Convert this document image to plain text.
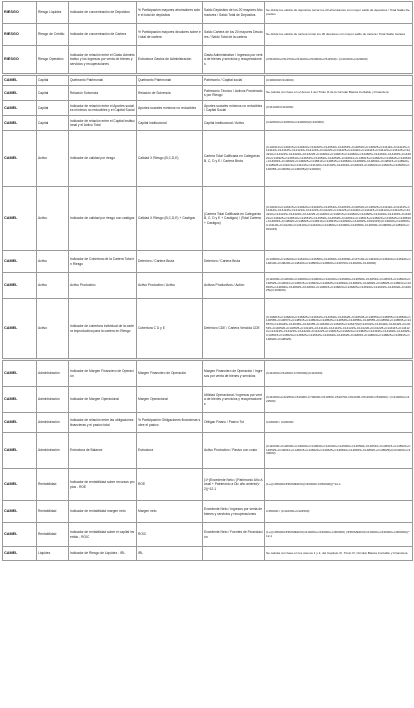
RIESGO	Riesgo Liquidez	Indicador de concentración de Depósitos	% Participación mayores ahorradores sobre el total de depósitos	Saldo Depósitos de los 20 mayores Ahorradores / Saldo Total de Depósitos	Se divide los saldos de depósitos tomar los 20 ahorradores con mayor saldo de depósitos / Total Saldo Depósitos
RIESGO	Riesgo de Crédito	Indicador de concentración de Cartera	% Participación mayores deudores sobre el total de cartera	Saldo Cartera de los 20 mayores Deudores / Saldo Total de la cartera	Se divide los saldos de cartera tomar los 20 deudores con mayor saldo de cartera / Total Saldo Cartera
RIESGO	Riesgo Operativo	Indicador de relación entre el Gasto Administrativo y los ingresos por venta de bienes y servicios y recuperaciones	Estructura Gastos de Administración	Gasto Administrativo / Ingresos por venta de bienes y servicios y recuperaciones	(C510000+C510700+C511000+C540000+C511500) / (C410000+C420000)

CAMEL	Capital	Quebranto Patrimonial	Quebranto Patrimonial	Patrimonio / Capital social	(C300000/C310000)
CAMEL	Capital	Relación Solvencia	Relación de Solvencia	Patrimonio Técnico / Activos Ponderados por Riesgo	Se calcula con base en el Anexo 1 del Título III de la Circular Básica Contable y Financiera
CAMEL	Capital	Indicador de relación entre el Aportes sociales mínimos no reducibles y el Capital Social	Aportes sociales mínimos no reducibles	Aportes sociales mínimos no reducibles / Capital Social	(C311000/C310000)
CAMEL	Capital	Indicador de relación entre el Capital institucional y el Activo Total	Capital Institucional	Capital Institucional / Activo	(C320000+C330000+C340000)/(C100000)
CAMEL	Activo	Indicador de calidad por riesgo	Calidad X Riesgo (B,C,D,E)	Cartera Total Calificada en Categorías B, C, D y E / Cartera Bruta	(C140410+C140415+C140420+C140425+C140510+C140515+C140520+C140525+C141110+C141115+C141120+C141125+C141210+C141215+C141220+C141225+C144110+C144115+C144120+C144125+C144210+C144215+C144220+C144225+C144810+C144815+C144820+C144825+C144910+C144915+C144920+C144925+C146510+C146515+C146520+C146525+C146610+C146615+C146620+C146625+C146810+C146815+C146820+C146825+C148810+C148815+C148820+C148825+C148910+C148915+C148920+C148925+C141010+C141015+C141020+C141025+C146010+C146015+C146020+C146025+C146050+C146055+C146060+C146065)/(C140000)
CAMEL	Activo	Indicador de calidad por riesgo con castigos	Calidad X Riesgo (B,C,D,E) + Castigos	(Cartera Total Calificada en Categorías B, C, D y E + Castigos) / (Total Cartera + Castigos)	(C140410+C140415+C140420+C140425+C140510+C140515+C140520+C140525+C141110+C141115+C141120+C141125+C141210+C141215+C141220+C141225+C144110+C144115+C144120+C144125+C144210+C144215+C144220+C144225+C144810+C144815+C144820+C144825+C144910+C144915+C144920+C144925+C146510+C146515+C146520+C146525+C146610+C146615+C146620+C146625+C148810+C148815+C148820+C148825+C148910+C148915+C148920+C148925+C831015)/(C140000+C140500+C141100+C141200+C144100+C144200+C144800+C144900+C146500+C146600+C148800+C148900+C831015)
CAMEL	Activo	Indicador de Cobertura de la Cartera Total en Riesgo	Deterioro / Cartera Bruta	Deterioro / Cartera Bruta	(C146800+C146000+C146100+C146500+C146600+C146800+C147100+C146400+C146200+C146300+C148100+C148200+C148400+C148500+C148600+C148700+C148200+C146800)
CAMEL	Activo	Activo Productivo	Activo Productivo / Activo	Activos Productivos / Activo	(C110000+C120000+C130000+C140000+C141000+C146000+C146500+C146510+C146515+C146520+C146525+C146610+C146615+C146620+C146625+C148810+C148815+C148820+C148825+C148910+C148915+C148920+C148925+C146810+C146815+C146820+C146825+C146910+C146915+C146920+C146925)/(C100000)
CAMEL	Activo	Indicador de cobertura individual de la cartera improductiva para la cartera en Riesgo	Cobertura C D y E	Deterioro CDE / Cartera Vencida CDE	(C146815+C146820+C146825+C146615+C146620+C146625+C146545+C146550+C146555+C146560+C146565+C146570+C148515+C148520+C148525+C148545+C148550+C148555+C148560+C148565+C148570+C146445+C146450+C146455+C146460+C146465+C146470)/(C140415+C140420+C140425+C140515+C140520+C140525+C141115+C141120+C141125+C141215+C141220+C141225+C144115+C144120+C144125+C144215+C144220+C144225+C144815+C144820+C144825+C144915+C144920+C144925+C146515+C146520+C146525+C146615+C146620+C146625+C148815+C148820+C148825+C148915+C148920+C148925)

CAMEL	Administración	Indicador de Margen Financiero de Operación	Margen Financiero de Operación	Margen Financiero de Operación / Ingresos por venta de bienes y servicios	(C410000-C510000-C700000)/(C410000)
CAMEL	Administración	Indicador de Margen Operacional	Margen Operacional	Utilidad Operacional / Ingresos por venta de bienes y servicios y recuperaciones	(C410000+C422500-C510000-C700000-C510500-C510700-C511000-C511500-C540000) / (C410000+C422500)
CAMEL	Administración	Indicador de relación entre las obligaciones financieras y el pasivo total	% Participación Obligaciones financieras sobre el pasivo	Obligac Financ / Pasivo Tot	C230000 / C200000
CAMEL	Administración	Estructura de Balance	Estructura	Activo Productivo / Pasivo con costo	(C110000+C120000+C130000+C140000+C141000+C146000+C146500+C146510+C146515+C146520+C146525+C146610+C146615+C146620+C146625+C148810+C148815+C148820+C148825)/(C210000+C230000)
CAMEL	Rentabilidad	Indicador de rentabilidad sobre recursos propios - ROE	ROE	(1+(Excedente Neto / (Patrimonio Año Actual + Patrimonio a Dic año anterior)/2))^12-1	(1+((C350000/PROMEDIO((C300000-C350000)))^12-1
CAMEL	Rentabilidad	Indicador de rentabilidad margen neto	Margen neto	Excedente Neto / Ingresos por venta de bienes y servicios y recuperaciones	C350000 / (C410000+C422500)
CAMEL	Rentabilidad	Indicador de rentabilidad sobre el capital invertido - ROIC	ROIC	Excedente Neto / Fuentes de Financiación	(1+((C350000/PROMEDIO(C210000+C230000+C300000) )/PROMEDIO(C210000+C230000+C300000))^12-1
CAMEL	Liquidez	Indicador de Riesgo de Liquidez - IRL	IRL		Se calcula con base en los anexos 1 y 2, del Capítulo XI, Título IV, Circular Básica Contable y Financiera
